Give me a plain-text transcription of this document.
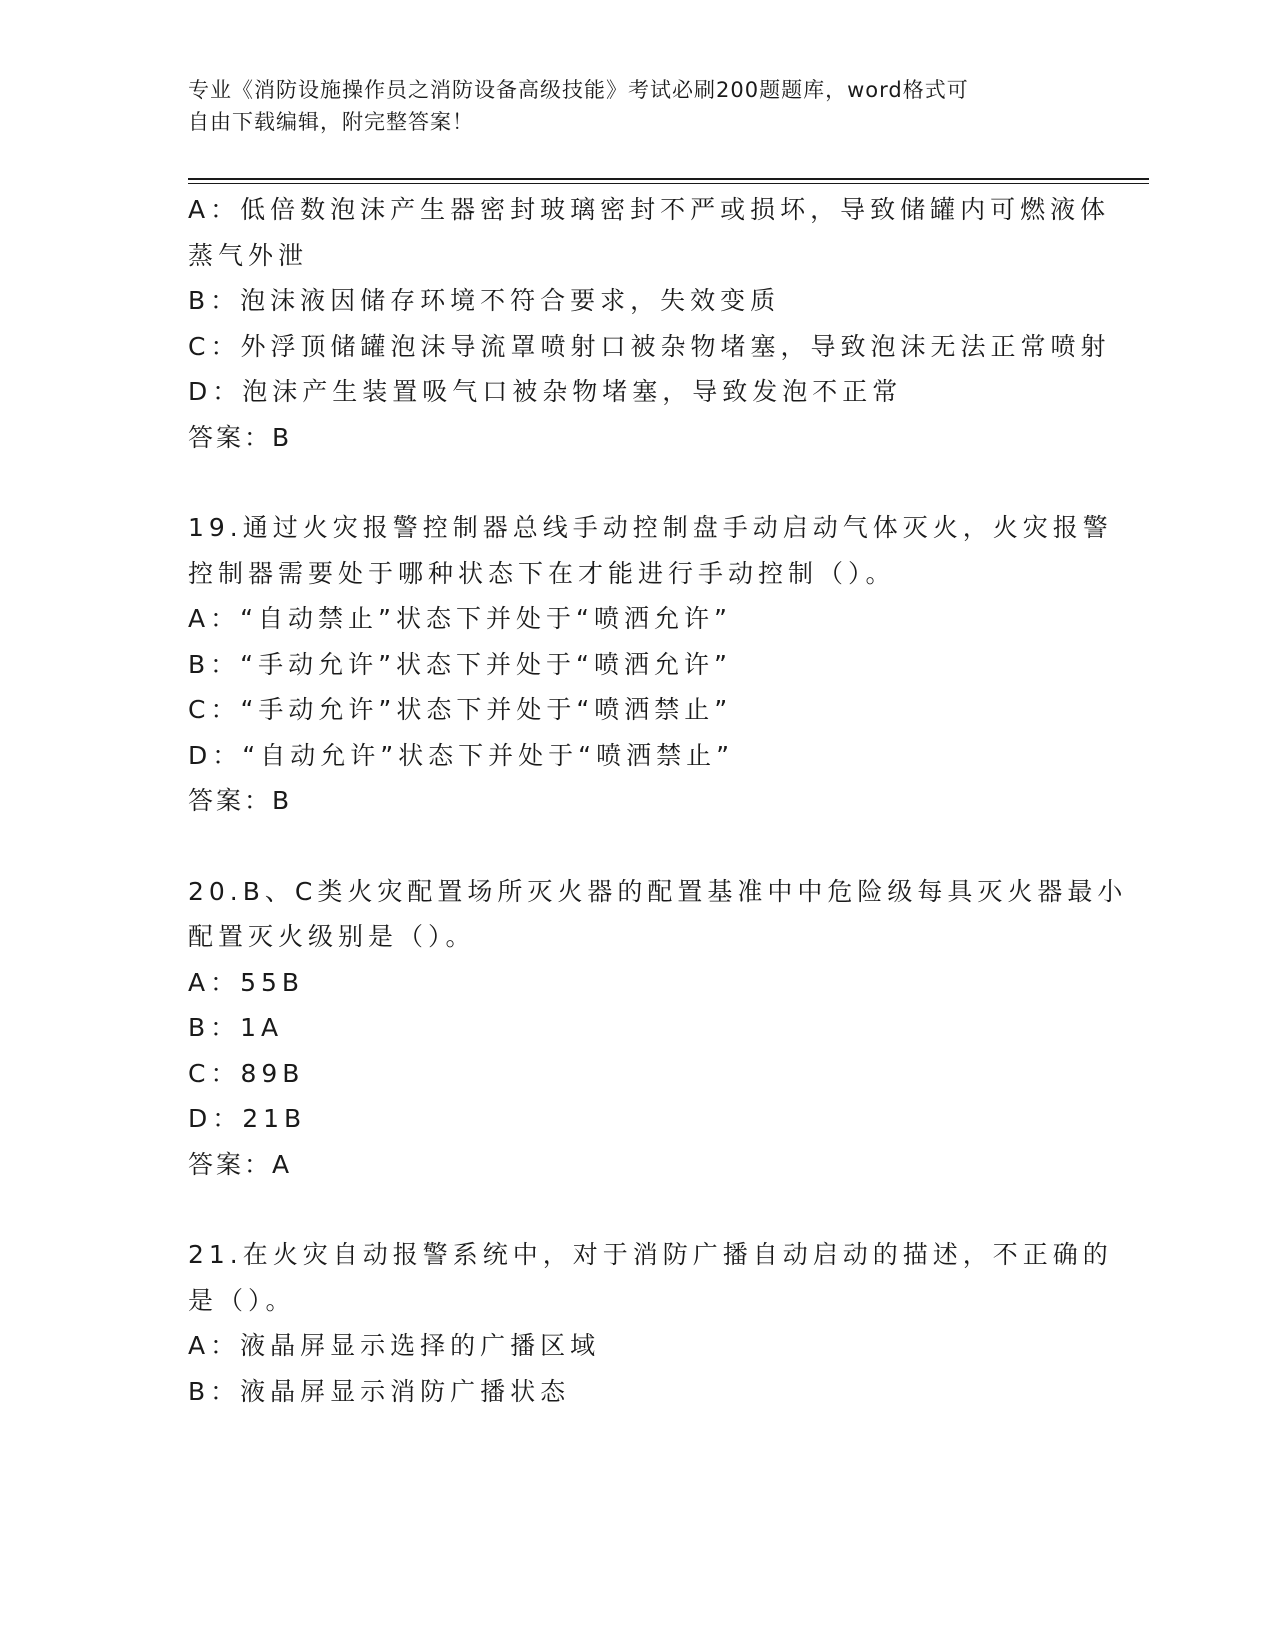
专业《消防设施操作员之消防设备高级技能》考试必刷200题题库，word格式可
自由下载编辑，附完整答案！
A：低倍数泡沫产生器密封玻璃密封不严或损坏，导致储罐内可燃液体
蒸气外泄
B：泡沫液因储存环境不符合要求，失效变质
C：外浮顶储罐泡沫导流罩喷射口被杂物堵塞，导致泡沫无法正常喷射
D：泡沫产生装置吸气口被杂物堵塞，导致发泡不正常
答案：B
19.通过火灾报警控制器总线手动控制盘手动启动气体灭火，火灾报警
控制器需要处于哪种状态下在才能进行手动控制（）。
A：“自动禁止”状态下并处于“喷洒允许”
B：“手动允许”状态下并处于“喷洒允许”
C：“手动允许”状态下并处于“喷洒禁止”
D：“自动允许”状态下并处于“喷洒禁止”
答案：B
20.B、C类火灾配置场所灭火器的配置基准中中危险级每具灭火器最小
配置灭火级别是（）。
A：55B
B：1A
C：89B
D：21B
答案：A
21.在火灾自动报警系统中，对于消防广播自动启动的描述，不正确的
是（）。
A：液晶屏显示选择的广播区域
B：液晶屏显示消防广播状态
